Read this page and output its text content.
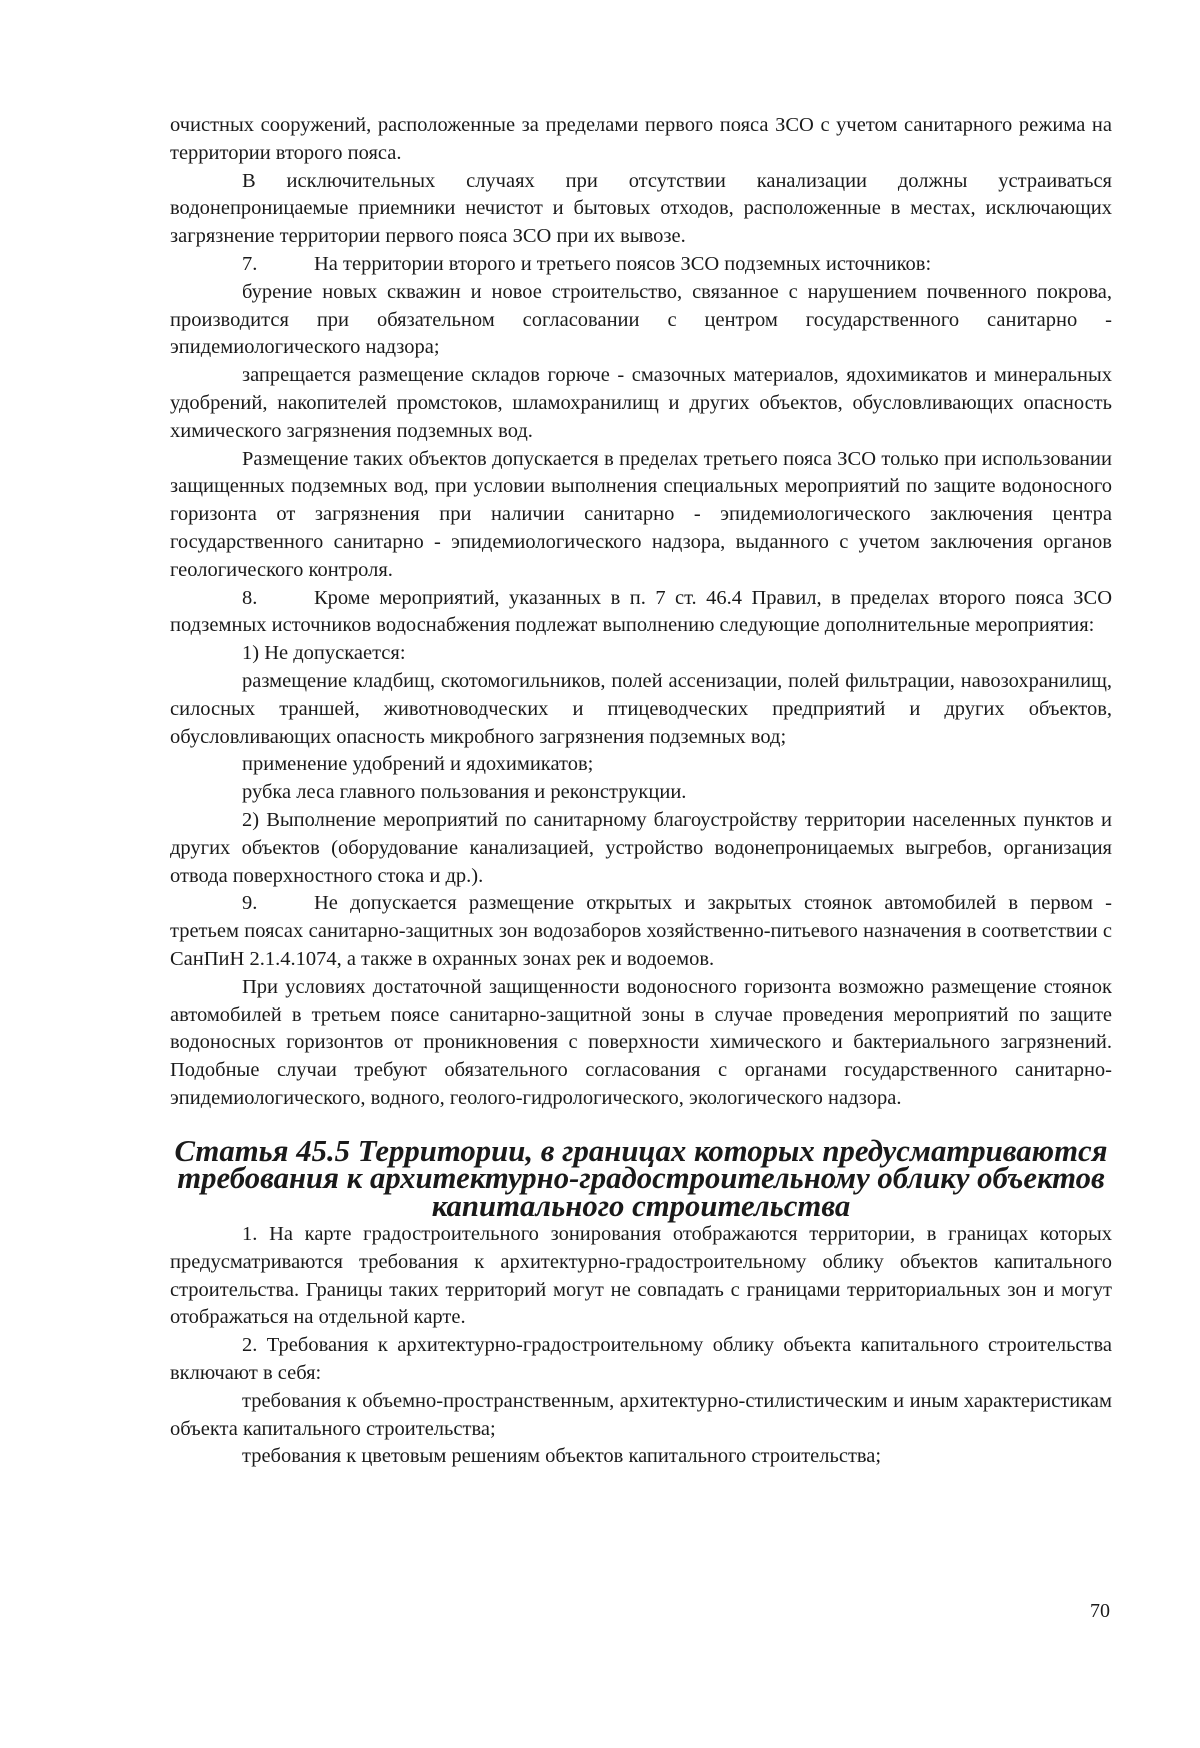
очистных сооружений, расположенные за пределами первого пояса ЗСО с учетом санитарного режима на территории второго пояса.

В исключительных случаях при отсутствии канализации должны устраиваться водонепроницаемые приемники нечистот и бытовых отходов, расположенные в местах, исключающих загрязнение территории первого пояса ЗСО при их вывозе.

7.	На территории второго и третьего поясов ЗСО подземных источников:

бурение новых скважин и новое строительство, связанное с нарушением почвенного покрова, производится при обязательном согласовании с центром государственного санитарно - эпидемиологического надзора;

запрещается размещение складов горюче - смазочных материалов, ядохимикатов и минеральных удобрений, накопителей промстоков, шламохранилищ и других объектов, обусловливающих опасность химического загрязнения подземных вод.

Размещение таких объектов допускается в пределах третьего пояса ЗСО только при использовании защищенных подземных вод, при условии выполнения специальных мероприятий по защите водоносного горизонта от загрязнения при наличии санитарно - эпидемиологического заключения центра государственного санитарно - эпидемиологического надзора, выданного с учетом заключения органов геологического контроля.

8.	Кроме мероприятий, указанных в п. 7 ст. 46.4 Правил, в пределах второго пояса ЗСО подземных источников водоснабжения подлежат выполнению следующие дополнительные мероприятия:

1) Не допускается:

размещение кладбищ, скотомогильников, полей ассенизации, полей фильтрации, навозохранилищ, силосных траншей, животноводческих и птицеводческих предприятий и других объектов, обусловливающих опасность микробного загрязнения подземных вод;

применение удобрений и ядохимикатов;

рубка леса главного пользования и реконструкции.

2) Выполнение мероприятий по санитарному благоустройству территории населенных пунктов и других объектов (оборудование канализацией, устройство водонепроницаемых выгребов, организация отвода поверхностного стока и др.).

9.	Не допускается размещение открытых и закрытых стоянок автомобилей в первом - третьем поясах санитарно-защитных зон водозаборов хозяйственно-питьевого назначения в соответствии с СанПиН 2.1.4.1074, а также в охранных зонах рек и водоемов.

При условиях достаточной защищенности водоносного горизонта возможно размещение стоянок автомобилей в третьем поясе санитарно-защитной зоны в случае проведения мероприятий по защите водоносных горизонтов от проникновения с поверхности химического и бактериального загрязнений. Подобные случаи требуют обязательного согласования с органами государственного санитарно-эпидемиологического, водного, геолого-гидрологического, экологического надзора.

Статья 45.5 Территории, в границах которых предусматриваются требования к архитектурно-градостроительному облику объектов капитального строительства

1. На карте градостроительного зонирования отображаются территории, в границах которых предусматриваются требования к архитектурно-градостроительному облику объектов капитального строительства. Границы таких территорий могут не совпадать с границами территориальных зон и могут отображаться на отдельной карте.

2. Требования к архитектурно-градостроительному облику объекта капитального строительства включают в себя:

требования к объемно-пространственным, архитектурно-стилистическим и иным характеристикам объекта капитального строительства;

требования к цветовым решениям объектов капитального строительства;

70
